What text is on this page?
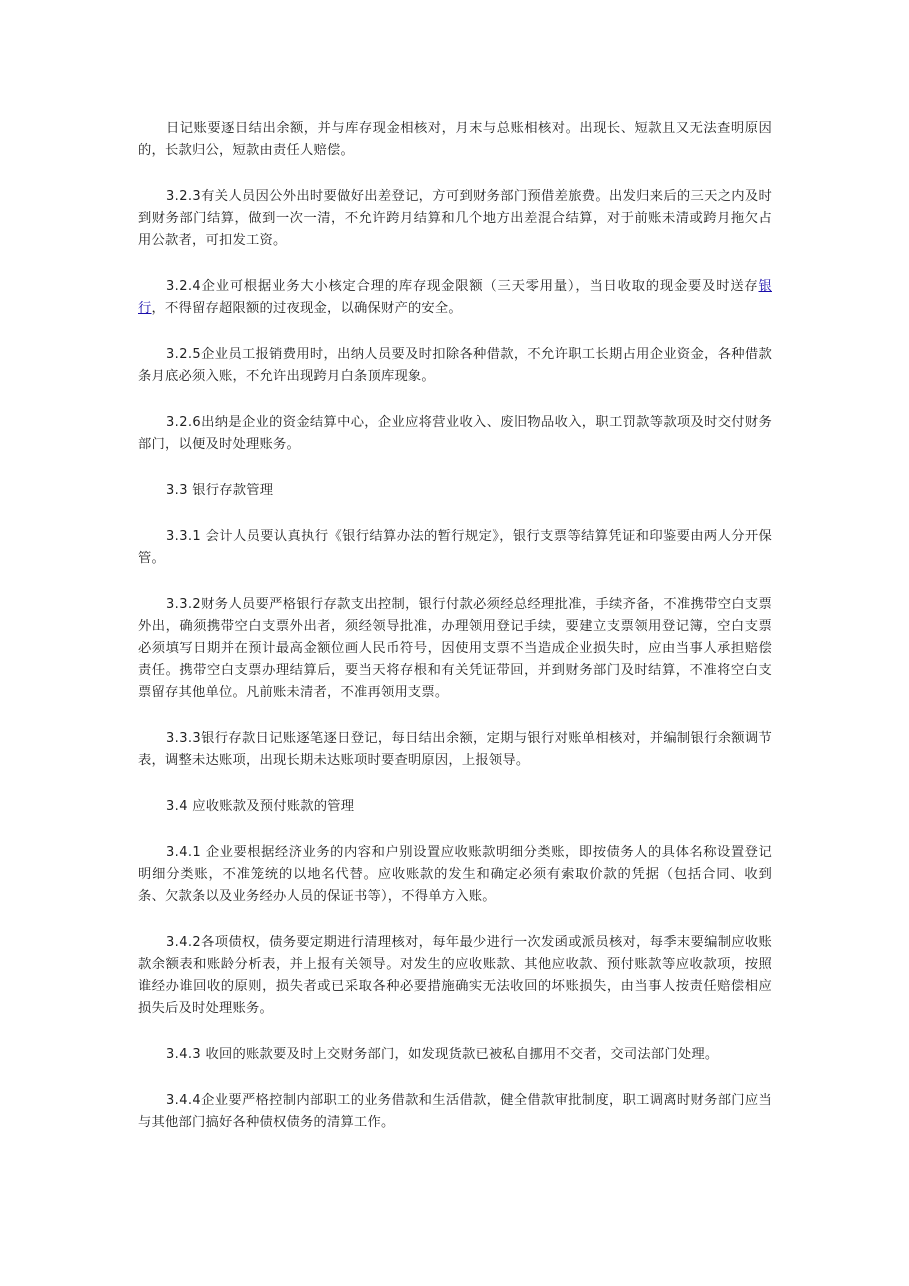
日记账要逐日结出余额，并与库存现金相核对，月末与总账相核对。出现长、短款且又无法查明原因的，长款归公，短款由责任人赔偿。

3.2.3有关人员因公外出时要做好出差登记，方可到财务部门预借差旅费。出发归来后的三天之内及时到财务部门结算，做到一次一清，不允许跨月结算和几个地方出差混合结算，对于前账未清或跨月拖欠占用公款者，可扣发工资。

3.2.4企业可根据业务大小核定合理的库存现金限额（三天零用量），当日收取的现金要及时送存银行，不得留存超限额的过夜现金，以确保财产的安全。

3.2.5企业员工报销费用时，出纳人员要及时扣除各种借款，不允许职工长期占用企业资金，各种借款条月底必须入账，不允许出现跨月白条顶库现象。

3.2.6出纳是企业的资金结算中心，企业应将营业收入、废旧物品收入，职工罚款等款项及时交付财务部门，以便及时处理账务。

3.3 银行存款管理

3.3.1 会计人员要认真执行《银行结算办法的暂行规定》，银行支票等结算凭证和印鉴要由两人分开保管。

3.3.2财务人员要严格银行存款支出控制，银行付款必须经总经理批准，手续齐备，不准携带空白支票外出，确须携带空白支票外出者，须经领导批准，办理领用登记手续，要建立支票领用登记簿，空白支票必须填写日期并在预计最高金额位画人民币符号，因使用支票不当造成企业损失时，应由当事人承担赔偿责任。携带空白支票办理结算后，要当天将存根和有关凭证带回，并到财务部门及时结算，不准将空白支票留存其他单位。凡前账未清者，不准再领用支票。

3.3.3银行存款日记账逐笔逐日登记，每日结出余额，定期与银行对账单相核对，并编制银行余额调节表，调整未达账项，出现长期未达账项时要查明原因，上报领导。

3.4 应收账款及预付账款的管理

3.4.1 企业要根据经济业务的内容和户别设置应收账款明细分类账，即按债务人的具体名称设置登记明细分类账，不准笼统的以地名代替。应收账款的发生和确定必须有索取价款的凭据（包括合同、收到条、欠款条以及业务经办人员的保证书等），不得单方入账。

3.4.2各项债权，债务要定期进行清理核对，每年最少进行一次发函或派员核对，每季末要编制应收账款余额表和账龄分析表，并上报有关领导。对发生的应收账款、其他应收款、预付账款等应收款项，按照谁经办谁回收的原则，损失者或已采取各种必要措施确实无法收回的坏账损失，由当事人按责任赔偿相应损失后及时处理账务。

3.4.3 收回的账款要及时上交财务部门，如发现货款已被私自挪用不交者，交司法部门处理。

3.4.4企业要严格控制内部职工的业务借款和生活借款，健全借款审批制度，职工调离时财务部门应当与其他部门搞好各种债权债务的清算工作。
